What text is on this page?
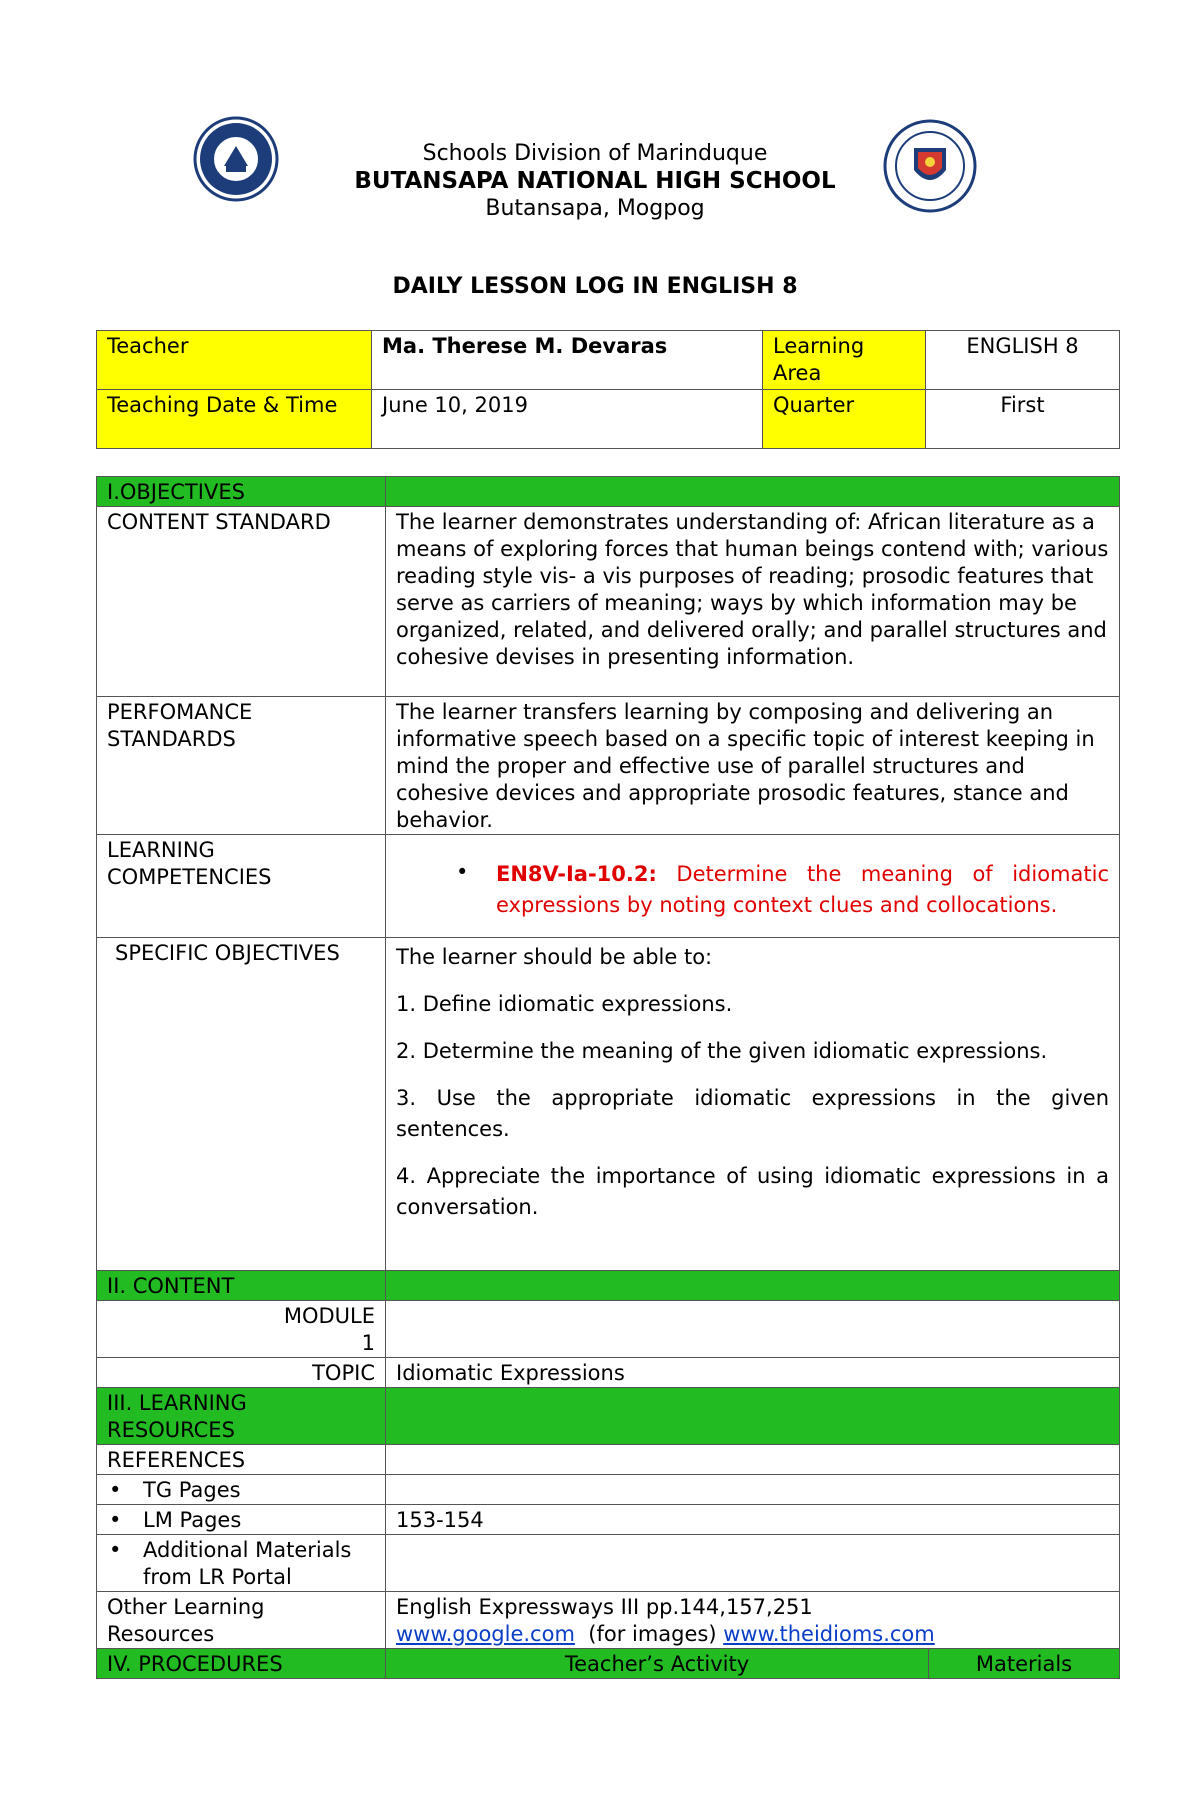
Schools Division of Marinduque
BUTANSAPA NATIONAL HIGH SCHOOL
Butansapa, Mogpog
DAILY LESSON LOG IN ENGLISH 8
Teacher	Ma. Therese M. Devaras	Learning Area	ENGLISH 8
Teaching Date & Time	June 10, 2019	Quarter	First
I.OBJECTIVES		
CONTENT STANDARD	The learner demonstrates understanding of: African literature as a means of exploring forces that human beings contend with; various reading style vis- a vis purposes of reading; prosodic features that serve as carriers of meaning; ways by which information may be organized, related, and delivered orally; and parallel structures and cohesive devises in presenting information.	
PERFOMANCE STANDARDS	The learner transfers learning by composing and delivering an informative speech based on a specific topic of interest keeping in mind the proper and effective use of parallel structures and cohesive devices and appropriate prosodic features, stance and behavior.	
LEARNING COMPETENCIES	• EN8V-Ia-10.2: Determine the meaning of idiomatic expressions by noting context clues and collocations.	

SPECIFIC OBJECTIVES	The learner should be able to:

1. Define idiomatic expressions.

2. Determine the meaning of the given idiomatic expressions.

3. Use the appropriate idiomatic expressions in the given sentences.

4. Appreciate the importance of using idiomatic expressions in a conversation.	

II. CONTENT		
MODULE 1		
TOPIC	Idiomatic Expressions	
III. LEARNING RESOURCES		
REFERENCES		
• TG Pages		
• LM Pages	153-154	
• Additional Materials from LR Portal		
Other Learning Resources	English Expressways III pp.144,157,251
www.google.com  (for images) www.theidioms.com	

IV. PROCEDURES	Teacher’s Activity	Materials
